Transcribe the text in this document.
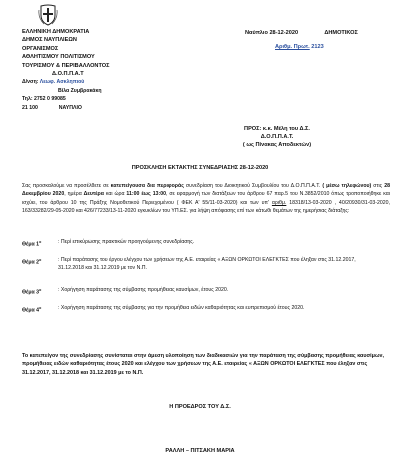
ΕΛΛΗΝΙΚΗ ΔΗΜΟΚΡΑΤΙΑ
ΔΗΜΟΣ ΝΑΥΠΛΙΕΩΝ
ΟΡΓΑΝΙΣΜΟΣ
ΑΘΛΗΤΙΣΜΟΥ ΠΟΛΙΤΙΣΜΟΥ
ΤΟΥΡΙΣΜΟΥ & ΠΕΡΙΒΑΛΛΟΝΤΟΣ
Δ.Ο.Π.Π.Α.Τ
Δ/νση: Λεωφ. Ασκληπιού
Βίλα Ζυμβρακάκη
Τηλ: 2752 0 99085
21 100	ΝΑΥΠΛΙΟ
Ναύπλιο 28-12-2020	ΔΗΜΟΤΙΚΟΣ
Αριθμ. Πρωτ. 2123
ΠΡΟΣ: κ.κ. Μέλη του Δ.Σ.
Δ.Ο.Π.Π.Α.Τ.
( ως Πίνακας Αποδεκτών)
ΠΡΟΣΚΛΗΣΗ ΕΚΤΑΚΤΗΣ ΣΥΝΕΔΡΙΑΣΗΣ 28-12-2020
Σας προσκαλούμε να προσέλθετε σε κατεπείγουσα δια περιφοράς συνεδρίαση του Διοικητικού Συμβουλίου του Δ.Ο.Π.Π.Α.Τ. ( μέσω τηλεφώνου) στις 28 Δεκεμβρίου 2020, ημέρα Δευτέρα και ώρα 11:00 έως 13:00, σε εφαρμογή των διατάξεων του άρθρου 67 παρ.5 του Ν.3852/2010 όπως τροποποιήθηκε και ισχύει, του άρθρου 10 της Πράξης Νομοθετικού Περιεχομένου ( ΦΕΚ Α' 55/11-03-2020) και των υπ' αριθμ. 18318/13-03-2020 , 40/20930/31-03-2020, 163/33282/29-05-2020 και 426/77233/13-11-2020 εγκυκλίων του ΥΠ.ΕΣ. για λήψη απόφασης επί των κάτωθι θεμάτων της ημερήσιας διάταξης:
Θέμα $1^o$	: Περί επικύρωσης πρακτικών προηγούμενης συνεδρίασης.
Θέμα $2^o$	: Περί παράτασης του έργου ελέγχου των χρήσεων της Α.Ε. εταιρείας « ΑΞΩΝ ΟΡΚΩΤΟΙ ΕΛΕΓΚΤΕΣ που έληξαν στις 31.12.2017, 31.12.2018 και 31.12.2019 με τον Ν.Π.
Θέμα $3^o$	: Χορήγηση παράτασης της σύμβασης προμήθειας καυσίμων, έτους 2020.
Θέμα $4^o$	: Χορήγηση παράτασης της σύμβασης για την προμήθεια ειδών καθαριότητας και ευπρεπισμού έτους 2020.
Το κατεπείγον της συνεδρίασης συνίσταται στην άμεση υλοποίηση των διαδικασιών για την παράταση της σύμβασης προμήθειας καυσίμων, προμήθειας ειδών καθαριότητας έτους 2020 και ελέγχου των χρήσεων της Α.Ε. εταιρείας « ΑΞΩΝ ΟΡΚΩΤΟΙ ΕΛΕΓΚΤΕΣ που έληξαν στις 31.12.2017, 31.12.2018 και 31.12.2019 με το Ν.Π.
Η ΠΡΟΕΔΡΟΣ ΤΟΥ Δ.Σ.
ΡΑΛΛΗ – ΠΙΤΣΑΚΗ ΜΑΡΙΑ
